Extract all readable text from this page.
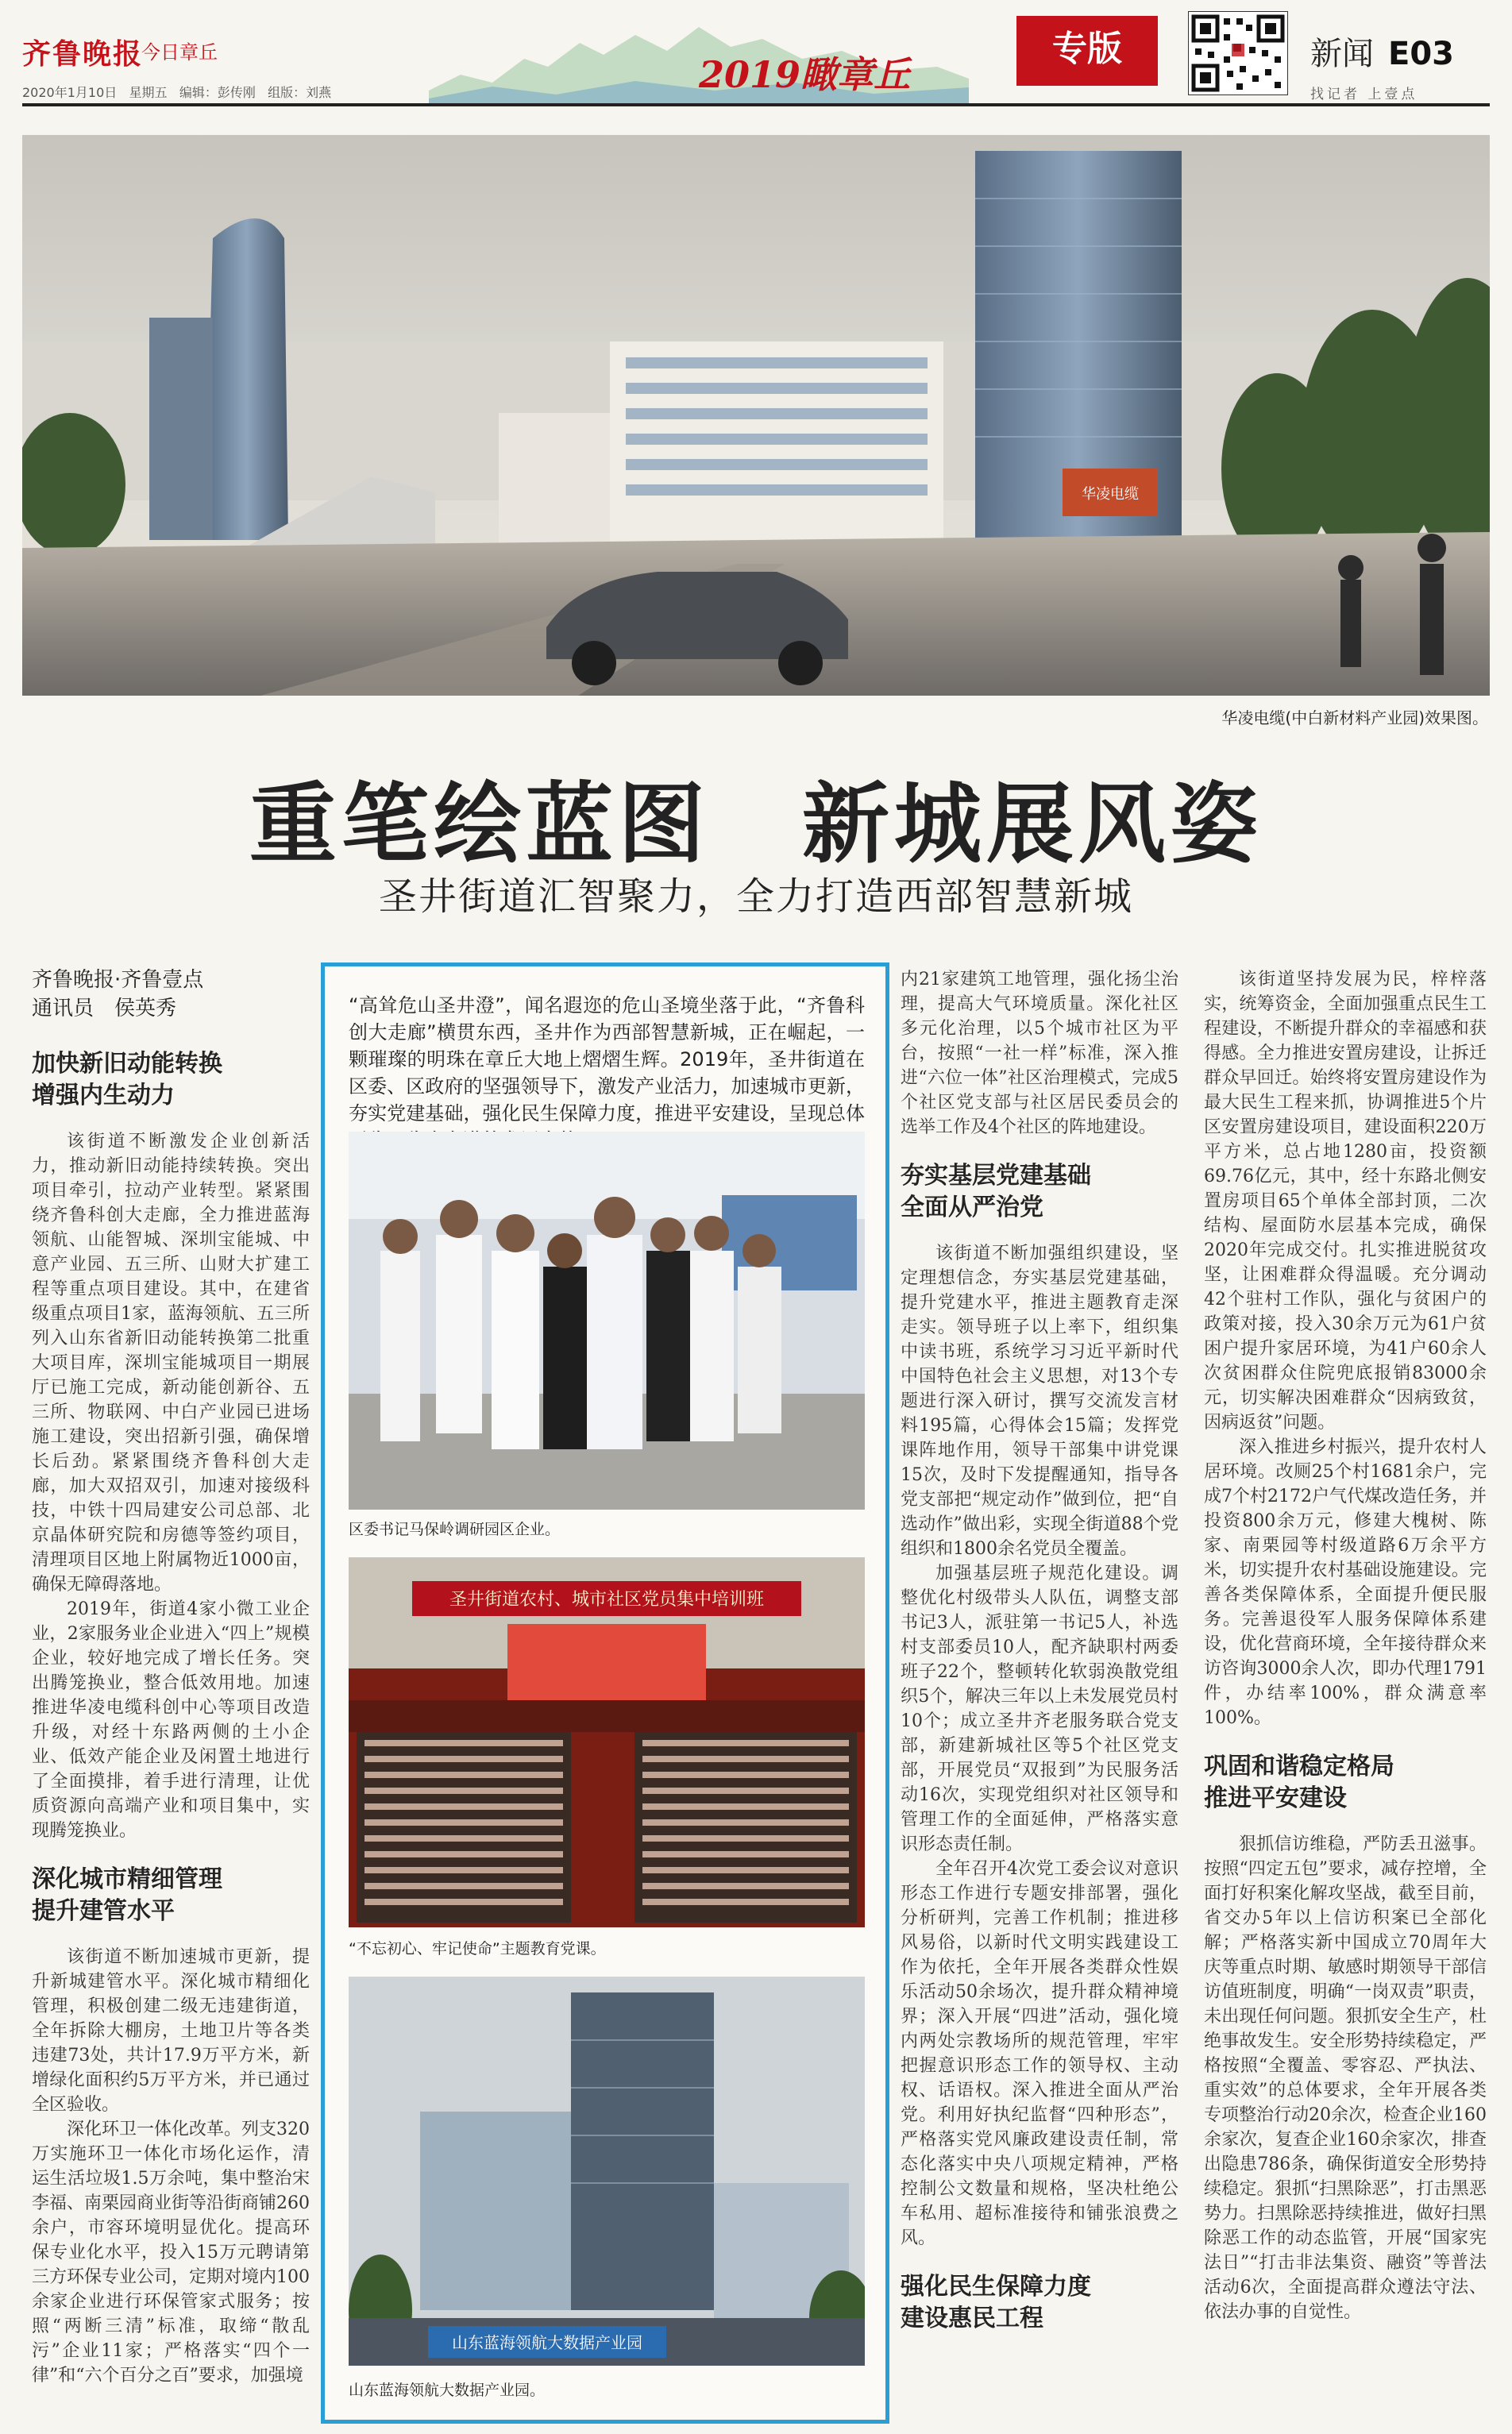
齐鲁晚报
今日章丘
2020年1月10日 星期五 编辑：彭传刚 组版：刘燕	2019瞰章丘
专版	新闻 E03
找记者 上壹点
华凌电缆
华凌电缆(中白新材料产业园)效果图。
重笔绘蓝图　新城展风姿
圣井街道汇智聚力，全力打造西部智慧新城
齐鲁晚报·齐鲁壹点
通讯员　侯英秀
加快新旧动能转换
增强内生动力

该街道不断激发企业创新活力，推动新旧动能持续转换。突出项目牵引，拉动产业转型。紧紧围绕齐鲁科创大走廊，全力推进蓝海领航、山能智城、深圳宝能城、中意产业园、五三所、山财大扩建工程等重点项目建设。其中，在建省级重点项目1家，蓝海领航、五三所列入山东省新旧动能转换第二批重大项目库，深圳宝能城项目一期展厅已施工完成，新动能创新谷、五三所、物联网、中白产业园已进场施工建设，突出招新引强，确保增长后劲。紧紧围绕齐鲁科创大走廊，加大双招双引，加速对接级科技，中铁十四局建安公司总部、北京晶体研究院和房德等签约项目，清理项目区地上附属物近1000亩，确保无障碍落地。

2019年，街道4家小微工业企业，2家服务业企业进入“四上”规模企业，较好地完成了增长任务。突出腾笼换业，整合低效用地。加速推进华凌电缆科创中心等项目改造升级，对经十东路两侧的土小企业、低效产能企业及闲置土地进行了全面摸排，着手进行清理，让优质资源向高端产业和项目集中，实现腾笼换业。

深化城市精细管理
提升建管水平

该街道不断加速城市更新，提升新城建管水平。深化城市精细化管理，积极创建二级无违建街道，全年拆除大棚房，土地卫片等各类违建73处，共计17.9万平方米，新增绿化面积约5万平方米，并已通过全区验收。

深化环卫一体化改革。列支320万实施环卫一体化市场化运作，清运生活垃圾1.5万余吨，集中整治宋李福、南栗园商业街等沿街商铺260余户，市容环境明显优化。提高环保专业化水平，投入15万元聘请第三方环保专业公司，定期对境内100余家企业进行环保管家式服务；按照“两断三清”标准，取缔“散乱污”企业11家；严格落实“四个一律”和“六个百分之百”要求，加强境

“高耸危山圣井澄”，闻名遐迩的危山圣境坐落于此，“齐鲁科创大走廊”横贯东西，圣井作为西部智慧新城，正在崛起，一颗璀璨的明珠在章丘大地上熠熠生辉。2019年，圣井街道在区委、区政府的坚强领导下，激发产业活力，加速城市更新，夯实党建基础，强化民生保障力度，推进平安建设，呈现总体
区委书记马保岭调研园区企业。
圣井街道农村、城市社区党员集中培训班
“不忘初心、牢记使命”主题教育党课。
山东蓝海领航大数据产业园
山东蓝海领航大数据产业园。

内21家建筑工地管理，强化扬尘治理，提高大气环境质量。深化社区多元化治理，以5个城市社区为平台，按照“一社一样”标准，深入推进“六位一体”社区治理模式，完成5个社区党支部与社区居民委员会的选举工作及4个社区的阵地建设。

夯实基层党建基础
全面从严治党

该街道不断加强组织建设，坚定理想信念，夯实基层党建基础，提升党建水平，推进主题教育走深走实。领导班子以上率下，组织集中读书班，系统学习习近平新时代中国特色社会主义思想，对13个专题进行深入研讨，撰写交流发言材料195篇，心得体会15篇；发挥党课阵地作用，领导干部集中讲党课15次，及时下发提醒通知，指导各党支部把“规定动作”做到位，把“自选动作”做出彩，实现全街道88个党组织和1800余名党员全覆盖。

加强基层班子规范化建设。调整优化村级带头人队伍，调整支部书记3人，派驻第一书记5人，补选村支部委员10人，配齐缺职村两委班子22个，整顿转化软弱涣散党组织5个，解决三年以上未发展党员村10个；成立圣井齐老服务联合党支部，新建新城社区等5个社区党支部，开展党员“双报到”为民服务活动16次，实现党组织对社区领导和管理工作的全面延伸，严格落实意识形态责任制。

全年召开4次党工委会议对意识形态工作进行专题安排部署，强化分析研判，完善工作机制；推进移风易俗，以新时代文明实践建设工作为依托，全年开展各类群众性娱乐活动50余场次，提升群众精神境界；深入开展“四进”活动，强化境内两处宗教场所的规范管理，牢牢把握意识形态工作的领导权、主动权、话语权。深入推进全面从严治党。利用好执纪监督“四种形态”，严格落实党风廉政建设责任制，常态化落实中央八项规定精神，严格控制公文数量和规格，坚决杜绝公车私用、超标准接待和铺张浪费之风。

强化民生保障力度
建设惠民工程

该街道坚持发展为民，梓梓落实，统筹资金，全面加强重点民生工程建设，不断提升群众的幸福感和获得感。全力推进安置房建设，让拆迁群众早回迁。始终将安置房建设作为最大民生工程来抓，协调推进5个片区安置房建设项目，建设面积220万平方米，总占地1280亩，投资额69.76亿元，其中，经十东路北侧安置房项目65个单体全部封顶，二次结构、屋面防水层基本完成，确保2020年完成交付。扎实推进脱贫攻坚，让困难群众得温暖。充分调动42个驻村工作队，强化与贫困户的政策对接，投入30余万元为61户贫困户提升家居环境，为41户60余人次贫困群众住院兜底报销83000余元，切实解决困难群众“因病致贫，因病返贫”问题。

深入推进乡村振兴，提升农村人居环境。改厕25个村1681余户，完成7个村2172户气代煤改造任务，并投资800余万元，修建大槐树、陈家、南栗园等村级道路6万余平方米，切实提升农村基础设施建设。完善各类保障体系，全面提升便民服务。完善退役军人服务保障体系建设，优化营商环境，全年接待群众来访咨询3000余人次，即办代理1791件，办结率100%，群众满意率100%。

巩固和谐稳定格局
推进平安建设

狠抓信访维稳，严防丢丑滋事。按照“四定五包”要求，减存控增，全面打好积案化解攻坚战，截至目前，省交办5年以上信访积案已全部化解；严格落实新中国成立70周年大庆等重点时期、敏感时期领导干部信访值班制度，明确“一岗双责”职责，未出现任何问题。狠抓安全生产，杜绝事故发生。安全形势持续稳定，严格按照“全覆盖、零容忍、严执法、重实效”的总体要求，全年开展各类专项整治行动20余次，检查企业160余家次，复查企业160余家次，排查出隐患786条，确保街道安全形势持续稳定。狠抓“扫黑除恶”，打击黑恶势力。扫黑除恶持续推进，做好扫黑除恶工作的动态监管，开展“国家宪法日”“打击非法集资、融资”等普法活动6次，全面提高群众遵法守法、依法办事的自觉性。
